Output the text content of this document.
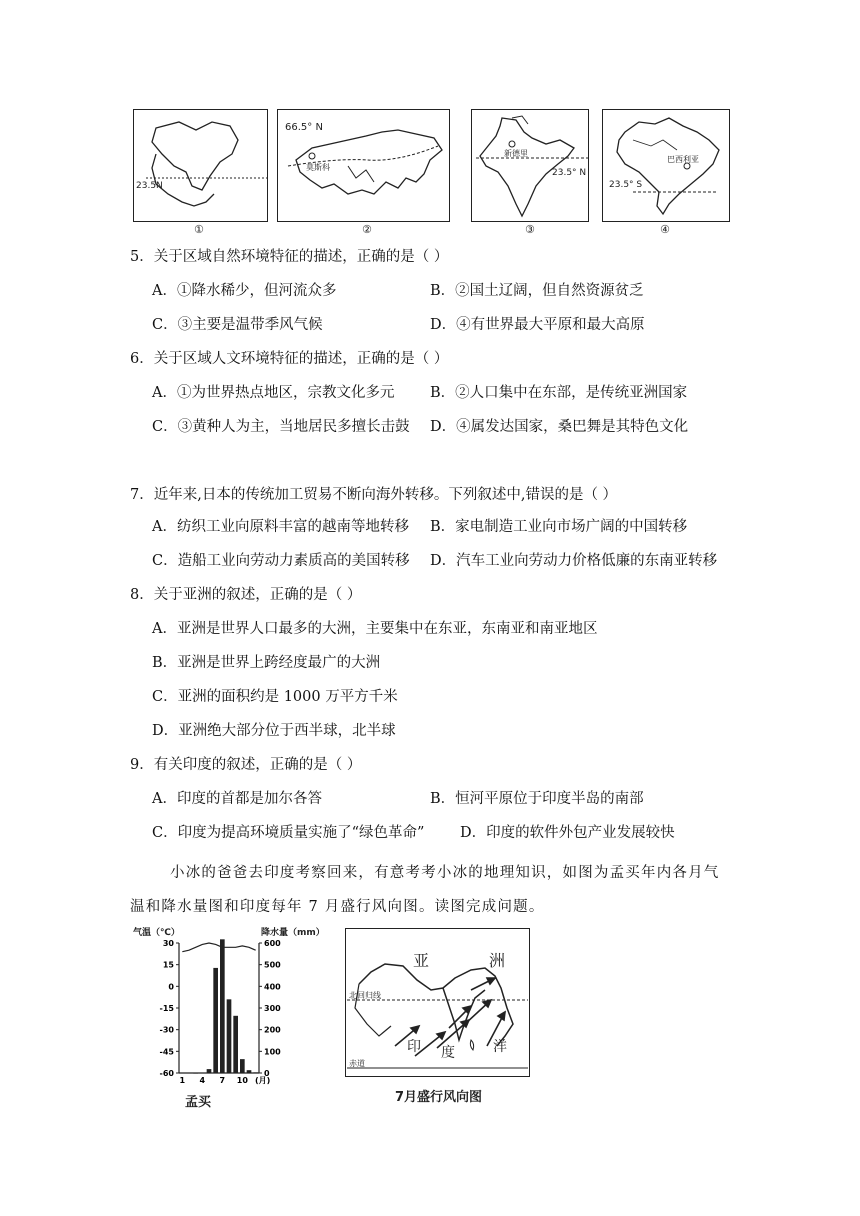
23.5N
①
66.5° N
莫斯科
②
新德里
23.5° N
③
巴西利亚
23.5° S
④
5．关于区域自然环境特征的描述，正确的是（ ）
A．①降水稀少，但河流众多	B．②国土辽阔，但自然资源贫乏
C．③主要是温带季风气候	D．④有世界最大平原和最大高原
6．关于区域人文环境特征的描述，正确的是（ ）
A．①为世界热点地区，宗教文化多元 B．②人口集中在东部，是传统亚洲国家
C．③黄种人为主，当地居民多擅长击鼓 D．④属发达国家，桑巴舞是其特色文化
7．近年来,日本的传统加工贸易不断向海外转移。下列叙述中,错误的是（ ）
A．纺织工业向原料丰富的越南等地转移 B．家电制造工业向市场广阔的中国转移
C．造船工业向劳动力素质高的美国转移 D．汽车工业向劳动力价格低廉的东南亚转移
8．关于亚洲的叙述，正确的是（ ）
A．亚洲是世界人口最多的大洲，主要集中在东亚，东南亚和南亚地区
B．亚洲是世界上跨经度最广的大洲
C．亚洲的面积约是 1000 万平方千米
D．亚洲绝大部分位于西半球，北半球
9．有关印度的叙述，正确的是（ ）
A．印度的首都是加尔各答	B．恒河平原位于印度半岛的南部
C．印度为提高环境质量实施了“绿色革命” D．印度的软件外包产业发展较快
小冰的爸爸去印度考察回来，有意考考小冰的地理知识，如图为孟买年内各月气温和降水量图和印度每年 7 月盛行风向图。读图完成问题。
气温（℃）	降水量（mm）
30
15
0
-15
-30
-45
-60
600
500
400
300
200
100
0
1 4 7 10 (月)
孟买
亚	洲
印 度	洋
北回归线
赤道
7月盛行风向图
